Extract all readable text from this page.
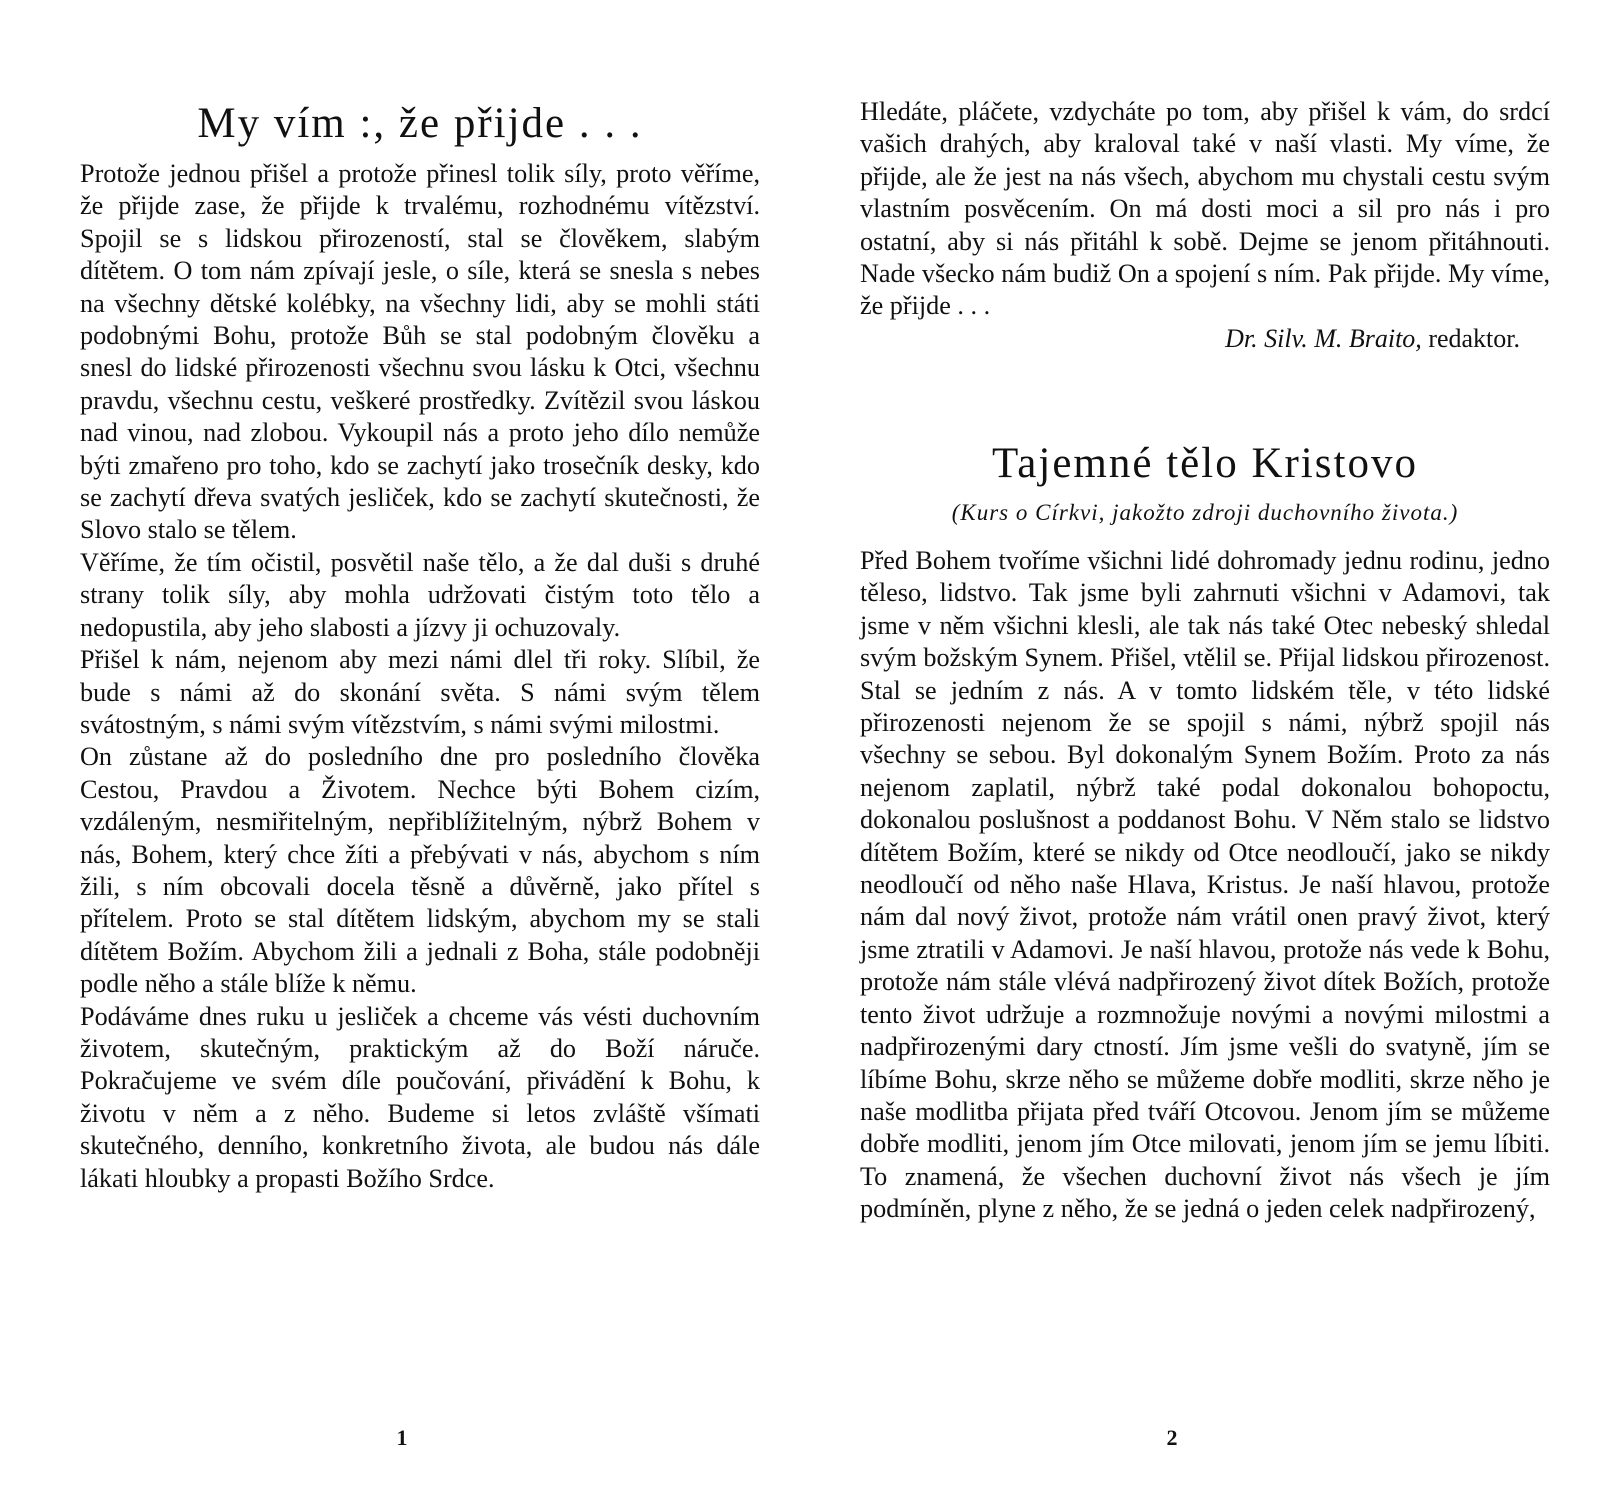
My vím :, že přijde . . .

Protože jednou přišel a protože přinesl tolik síly, proto věříme, že přijde zase, že přijde k trvalému, rozhodnému vítězství. Spojil se s lidskou přirozeností, stal se člověkem, slabým dítětem. O tom nám zpívají jesle, o síle, která se snesla s nebes na všechny dětské kolébky, na všechny lidi, aby se mohli státi podobnými Bohu, protože Bůh se stal podobným člověku a snesl do lidské přirozenosti všechnu svou lásku k Otci, všechnu pravdu, všechnu cestu, veškeré prostředky. Zvítězil svou láskou nad vinou, nad zlobou. Vykoupil nás a proto jeho dílo nemůže býti zmařeno pro toho, kdo se zachytí jako trosečník desky, kdo se zachytí dřeva svatých jesliček, kdo se zachytí skutečnosti, že Slovo stalo se tělem.

Věříme, že tím očistil, posvětil naše tělo, a že dal duši s druhé strany tolik síly, aby mohla udržovati čistým toto tělo a nedopustila, aby jeho slabosti a jízvy ji ochuzovaly.

Přišel k nám, nejenom aby mezi námi dlel tři roky. Slíbil, že bude s námi až do skonání světa. S námi svým tělem svátostným, s námi svým vítězstvím, s námi svými milostmi.

On zůstane až do posledního dne pro posledního člověka Cestou, Pravdou a Životem. Nechce býti Bohem cizím, vzdáleným, nesmiřitelným, nepřiblížitelným, nýbrž Bohem v nás, Bohem, který chce žíti a přebývati v nás, abychom s ním žili, s ním obcovali docela těsně a důvěrně, jako přítel s přítelem. Proto se stal dítětem lidským, abychom my se stali dítětem Božím. Abychom žili a jednali z Boha, stále podobněji podle něho a stále blíže k němu.

Podáváme dnes ruku u jesliček a chceme vás vésti duchovním životem, skutečným, praktickým až do Boží náruče. Pokračujeme ve svém díle poučování, přivádění k Bohu, k životu v něm a z něho. Budeme si letos zvláště všímati skutečného, denního, konkretního života, ale budou nás dále lákati hloubky a propasti Božího Srdce.

1

Hledáte, pláčete, vzdycháte po tom, aby přišel k vám, do srdcí vašich drahých, aby kraloval také v naší vlasti. My víme, že přijde, ale že jest na nás všech, abychom mu chystali cestu svým vlastním posvěcením. On má dosti moci a sil pro nás i pro ostatní, aby si nás přitáhl k sobě. Dejme se jenom přitáhnouti. Nade všecko nám budiž On a spojení s ním. Pak přijde. My víme, že přijde . . .

Dr. Silv. M. Braito, redaktor.

Tajemné tělo Kristovo

(Kurs o Církvi, jakožto zdroji duchovního života.)

Před Bohem tvoříme všichni lidé dohromady jednu rodinu, jedno těleso, lidstvo. Tak jsme byli zahrnuti všichni v Adamovi, tak jsme v něm všichni klesli, ale tak nás také Otec nebeský shledal svým božským Synem. Přišel, vtělil se. Přijal lidskou přirozenost. Stal se jedním z nás. A v tomto lidském těle, v této lidské přirozenosti nejenom že se spojil s námi, nýbrž spojil nás všechny se sebou. Byl dokonalým Synem Božím. Proto za nás nejenom zaplatil, nýbrž také podal dokonalou bohopoctu, dokonalou poslušnost a poddanost Bohu. V Něm stalo se lidstvo dítětem Božím, které se nikdy od Otce neodloučí, jako se nikdy neodloučí od něho naše Hlava, Kristus. Je naší hlavou, protože nám dal nový život, protože nám vrátil onen pravý život, který jsme ztratili v Adamovi. Je naší hlavou, protože nás vede k Bohu, protože nám stále vlévá nadpřirozený život dítek Božích, protože tento život udržuje a rozmnožuje novými a novými milostmi a nadpřirozenými dary ctností. Jím jsme vešli do svatyně, jím se líbíme Bohu, skrze něho se můžeme dobře modliti, skrze něho je naše modlitba přijata před tváří Otcovou. Jenom jím se můžeme dobře modliti, jenom jím Otce milovati, jenom jím se jemu líbiti. To znamená, že všechen duchovní život nás všech je jím podmíněn, plyne z něho, že se jedná o jeden celek nadpřirozený,

2
